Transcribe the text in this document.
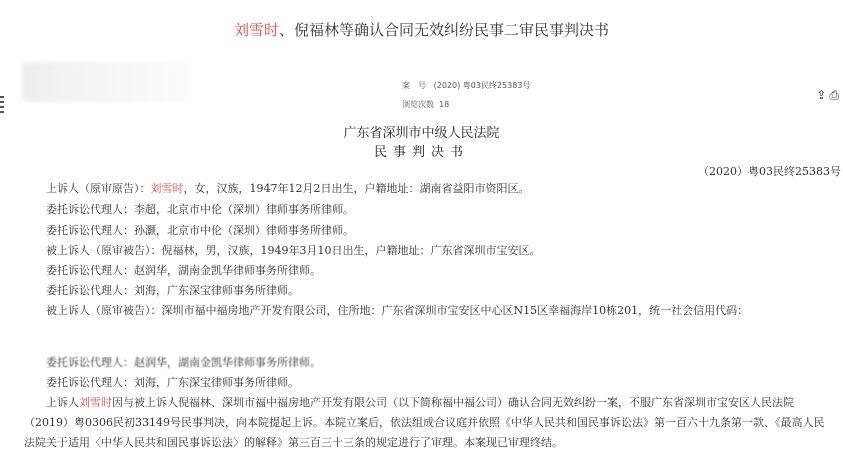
刘雪时、倪福林等确认合同无效纠纷民事二审民事判决书
案　号 (2020) 粤03民终25383号
浏览次数 18
⇪ ⎙
广东省深圳市中级人民法院
民事判决书
（2020）粤03民终25383号
上诉人（原审原告）：刘雪时，女，汉族，1947年12月2日出生，户籍地址：湖南省益阳市资阳区。
委托诉讼代理人：李超，北京市中伦（深圳）律师事务所律师。
委托诉讼代理人：孙灏，北京市中伦（深圳）律师事务所律师。
被上诉人（原审被告）：倪福林，男，汉族，1949年3月10日出生，户籍地址：广东省深圳市宝安区。
委托诉讼代理人：赵润华，湖南金凯华律师事务所律师。
委托诉讼代理人：刘海，广东深宝律师事务所律师。
被上诉人（原审被告）：深圳市福中福房地产开发有限公司，住所地：广东省深圳市宝安区中心区N15区幸福海岸10栋201，统一社会信用代码：
委托诉讼代理人：赵润华，湖南金凯华律师事务所律师。
委托诉讼代理人：刘海，广东深宝律师事务所律师。
上诉人刘雪时因与被上诉人倪福林、深圳市福中福房地产开发有限公司（以下简称福中福公司）确认合同无效纠纷一案，不服广东省深圳市宝安区人民法院
（2019）粤0306民初33149号民事判决，向本院提起上诉。本院立案后，依法组成合议庭并依照《中华人民共和国民事诉讼法》第一百六十九条第一款、《最高人民
法院关于适用〈中华人民共和国民事诉讼法〉的解释》第三百三十三条的规定进行了审理。本案现已审理终结。
